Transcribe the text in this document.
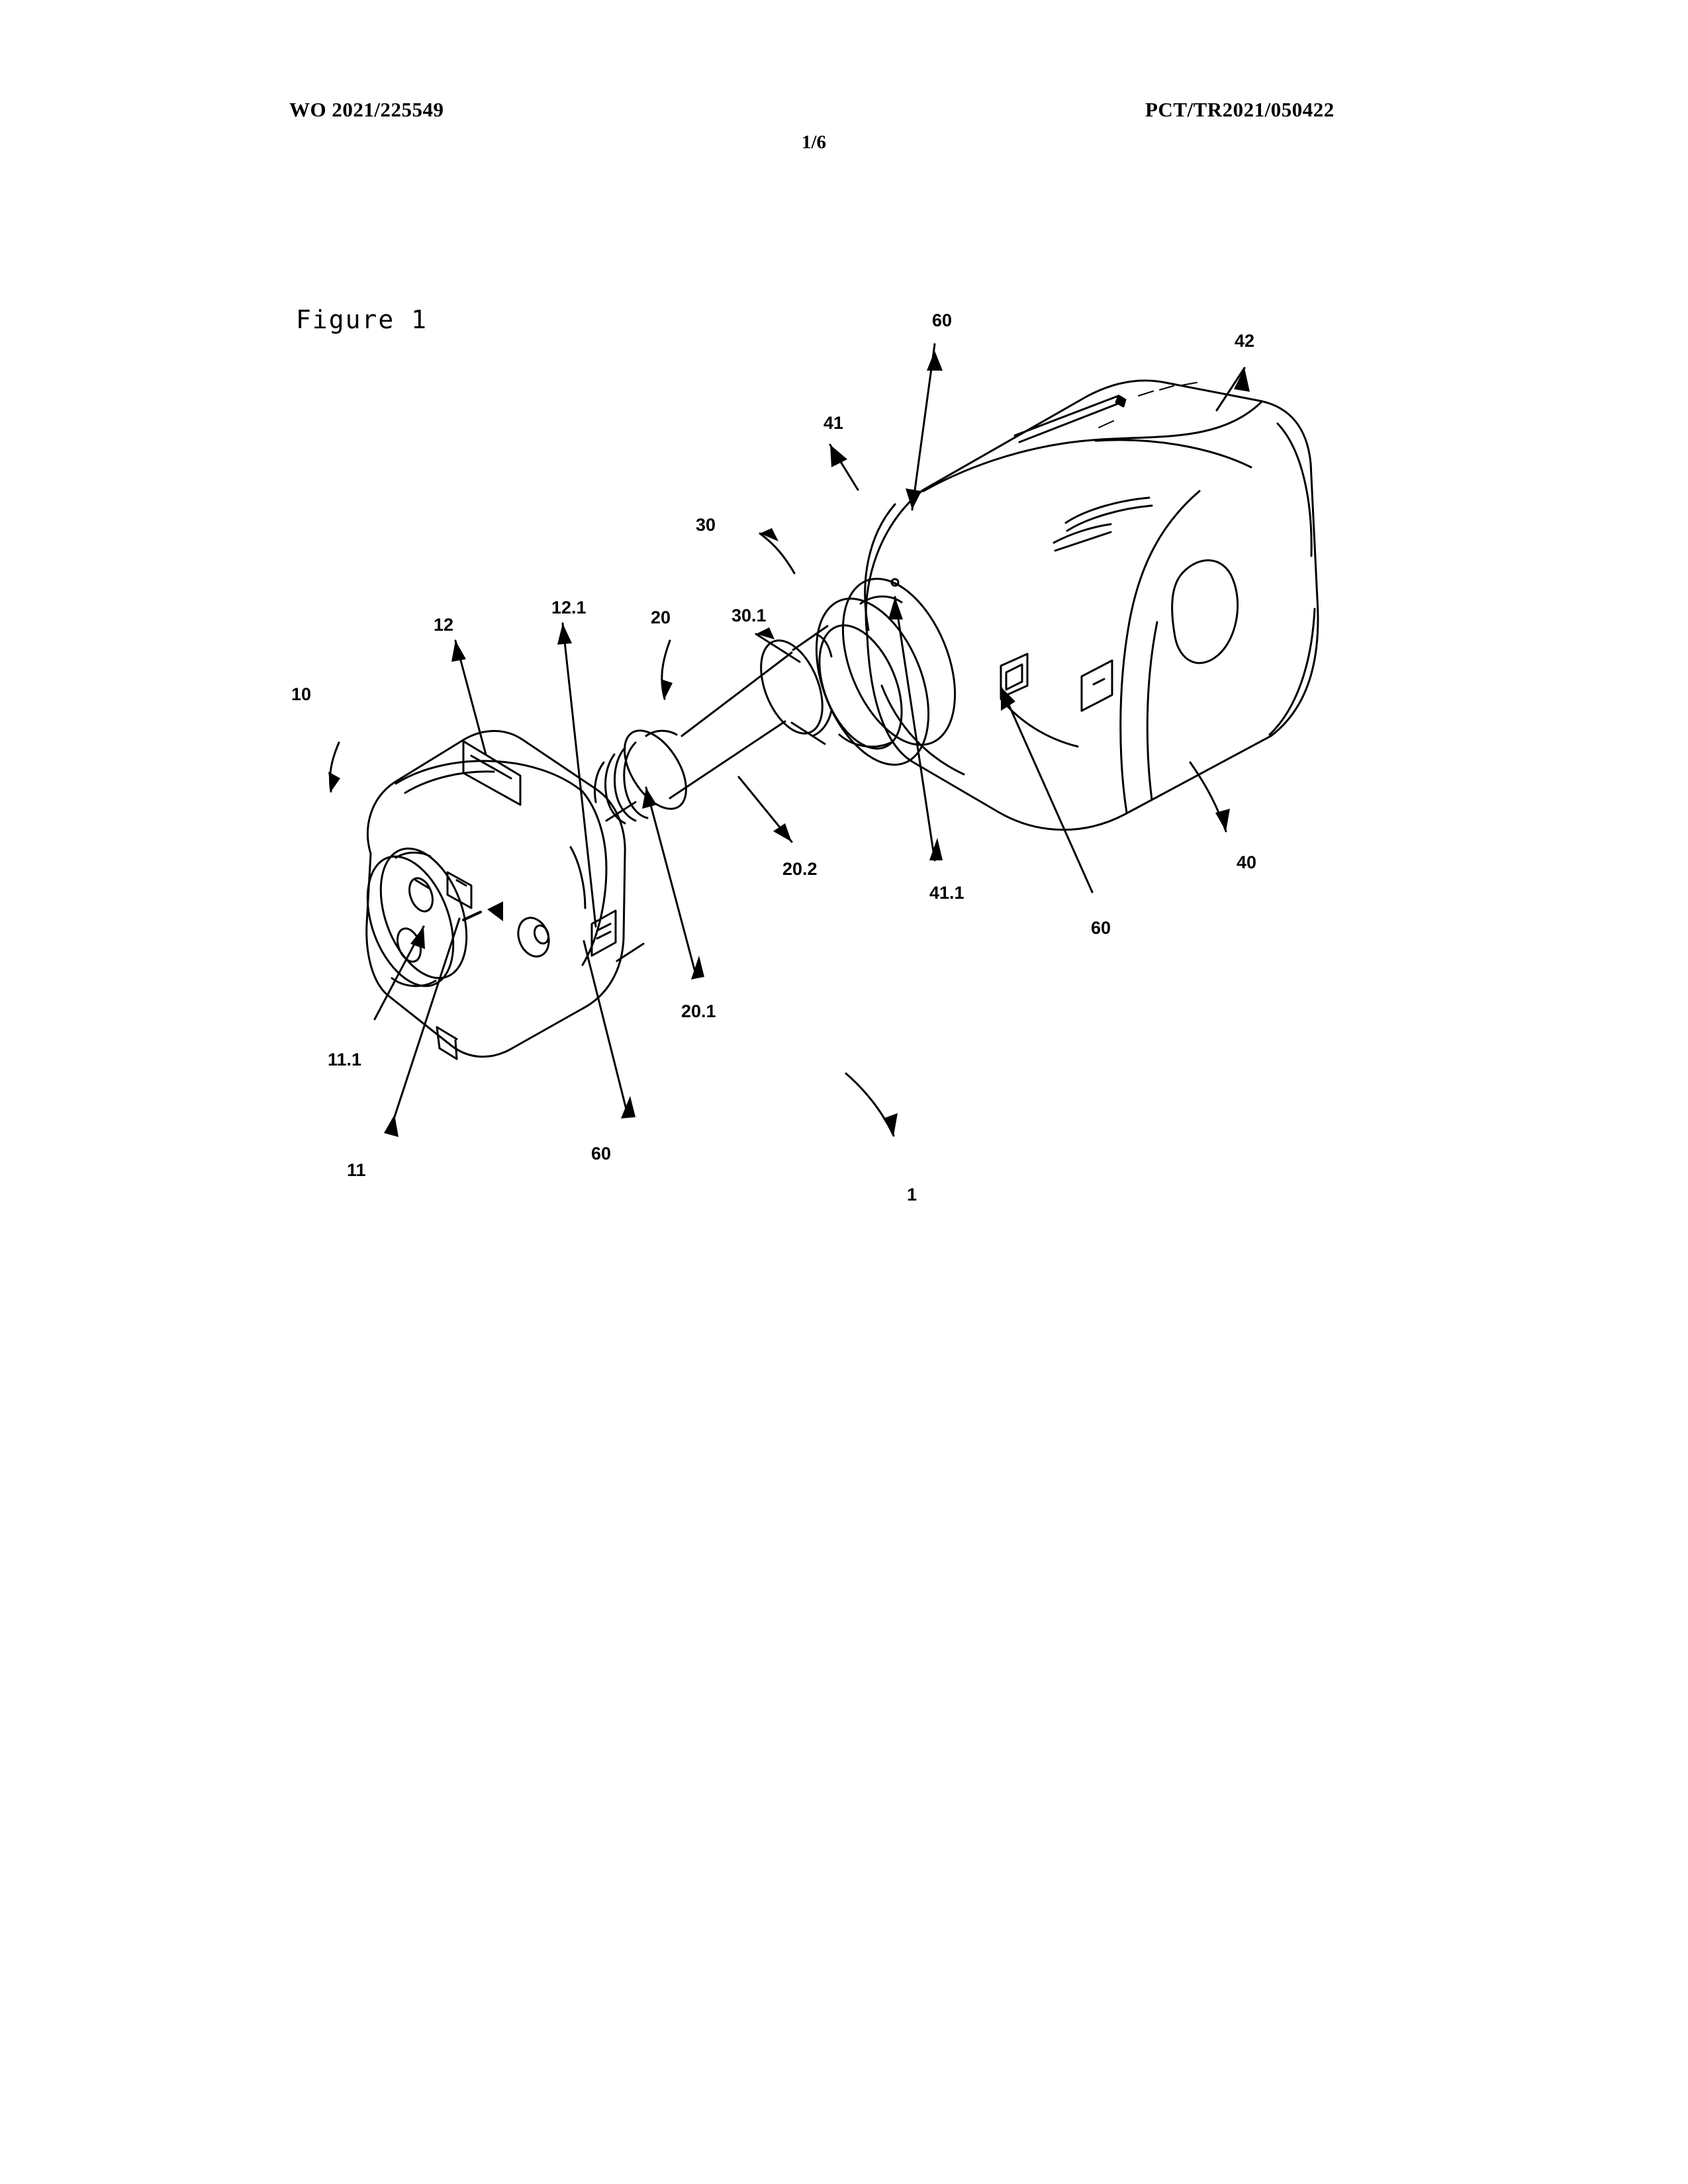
WO 2021/225549	PCT/TR2021/050422
1/6
Figure 1	60
42
41
30
12.1	20	30.1
12
10
20.2
41.1
40
60
20.1
11.1
60
11
1
